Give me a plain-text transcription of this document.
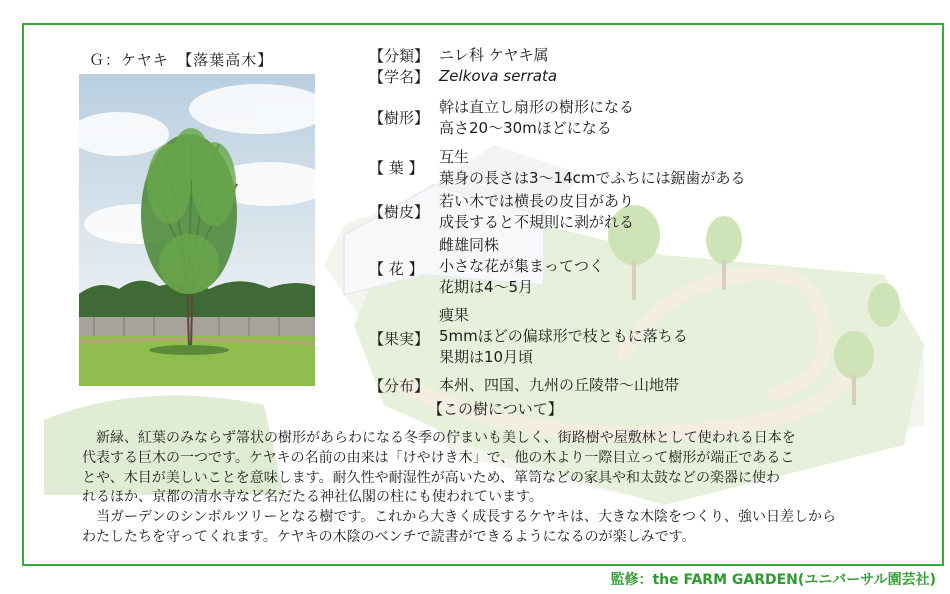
Ｇ：ケヤキ　【落葉高木】	【分類】 ニレ科 ケヤキ属
【学名】 Zelkova serrata
【樹形】
幹は直立し扇形の樹形になる
高さ20～30mほどになる
【 葉 】
互生
葉身の長さは3～14cmでふちには鋸歯がある
【樹皮】
若い木では横長の皮目があり
成長すると不規則に剥がれる
【 花 】
雌雄同株
小さな花が集まってつく
花期は4～5月
【果実】
痩果
5mmほどの偏球形で枝ともに落ちる
果期は10月頃
【分布】 本州、四国、九州の丘陵帯～山地帯
【この樹について】

新緑、紅葉のみならず箒状の樹形があらわになる冬季の佇まいも美しく、街路樹や屋敷林として使われる日本を
代表する巨木の一つです。ケヤキの名前の由来は「けやけき木」で、他の木より一際目立って樹形が端正であるこ
とや、木目が美しいことを意味します。耐久性や耐湿性が高いため、箪笥などの家具や和太鼓などの楽器に使わ
れるほか、京都の清水寺など名だたる神社仏閣の柱にも使われています。

当ガーデンのシンボルツリーとなる樹です。これから大きく成長するケヤキは、大きな木陰をつくり、強い日差しから
わたしたちを守ってくれます。ケヤキの木陰のベンチで読書ができるようになるのが楽しみです。

監修：the FARM GARDEN(ユニバーサル園芸社)
